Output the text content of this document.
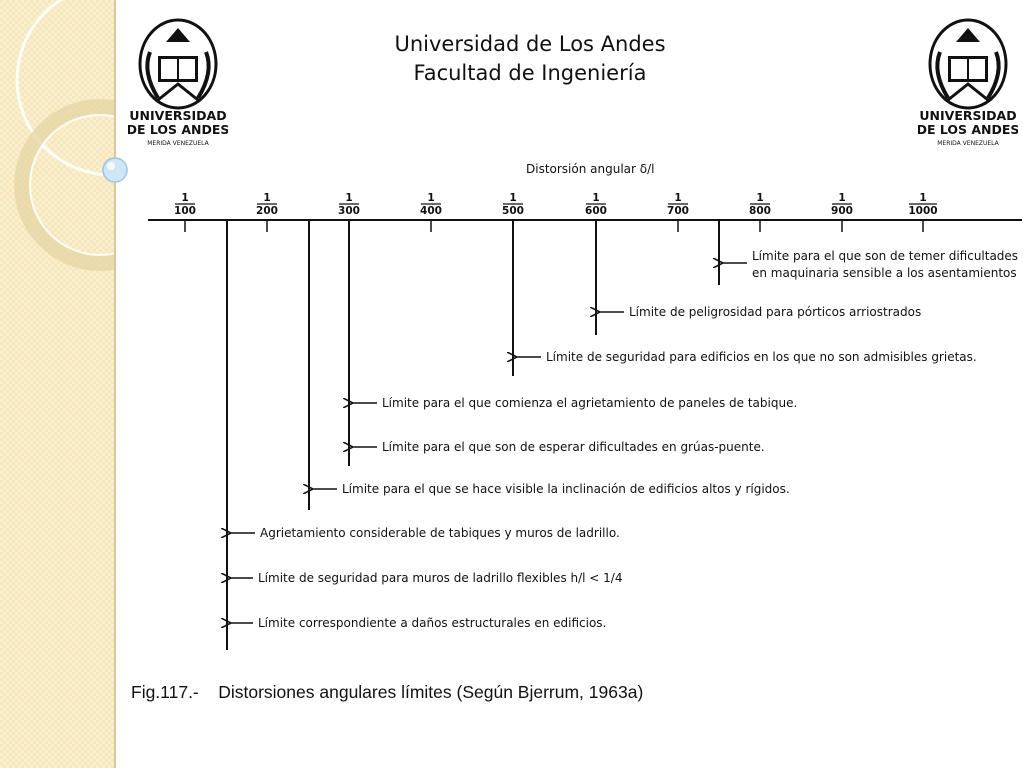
UNIVERSIDAD
DE LOS ANDES
MERIDA VENEZUELA
UNIVERSIDAD
DE LOS ANDES
MERIDA VENEZUELA
Universidad de Los Andes
Facultad de Ingeniería
Distorsión angular δ/l
1
100
1
200
1
300
1
400
1
500
1
600
1
700
1
800
1
900
1
1000
Límite para el que son de temer dificultades
en maquinaria sensible a los asentamientos
Límite de peligrosidad para pórticos arriostrados
Límite de seguridad para edificios en los que no son admisibles grietas.
Límite para el que comienza el agrietamiento de paneles de tabique.
Límite para el que son de esperar dificultades en grúas-puente.
Límite para el que se hace visible la inclinación de edificios altos y rígidos.
Agrietamiento considerable de tabiques y muros de ladrillo.
Límite de seguridad para muros de ladrillo flexibles h/l < 1/4
Límite correspondiente a daños estructurales en edificios.
Fig.117.- Distorsiones angulares límites (Según Bjerrum, 1963a)
